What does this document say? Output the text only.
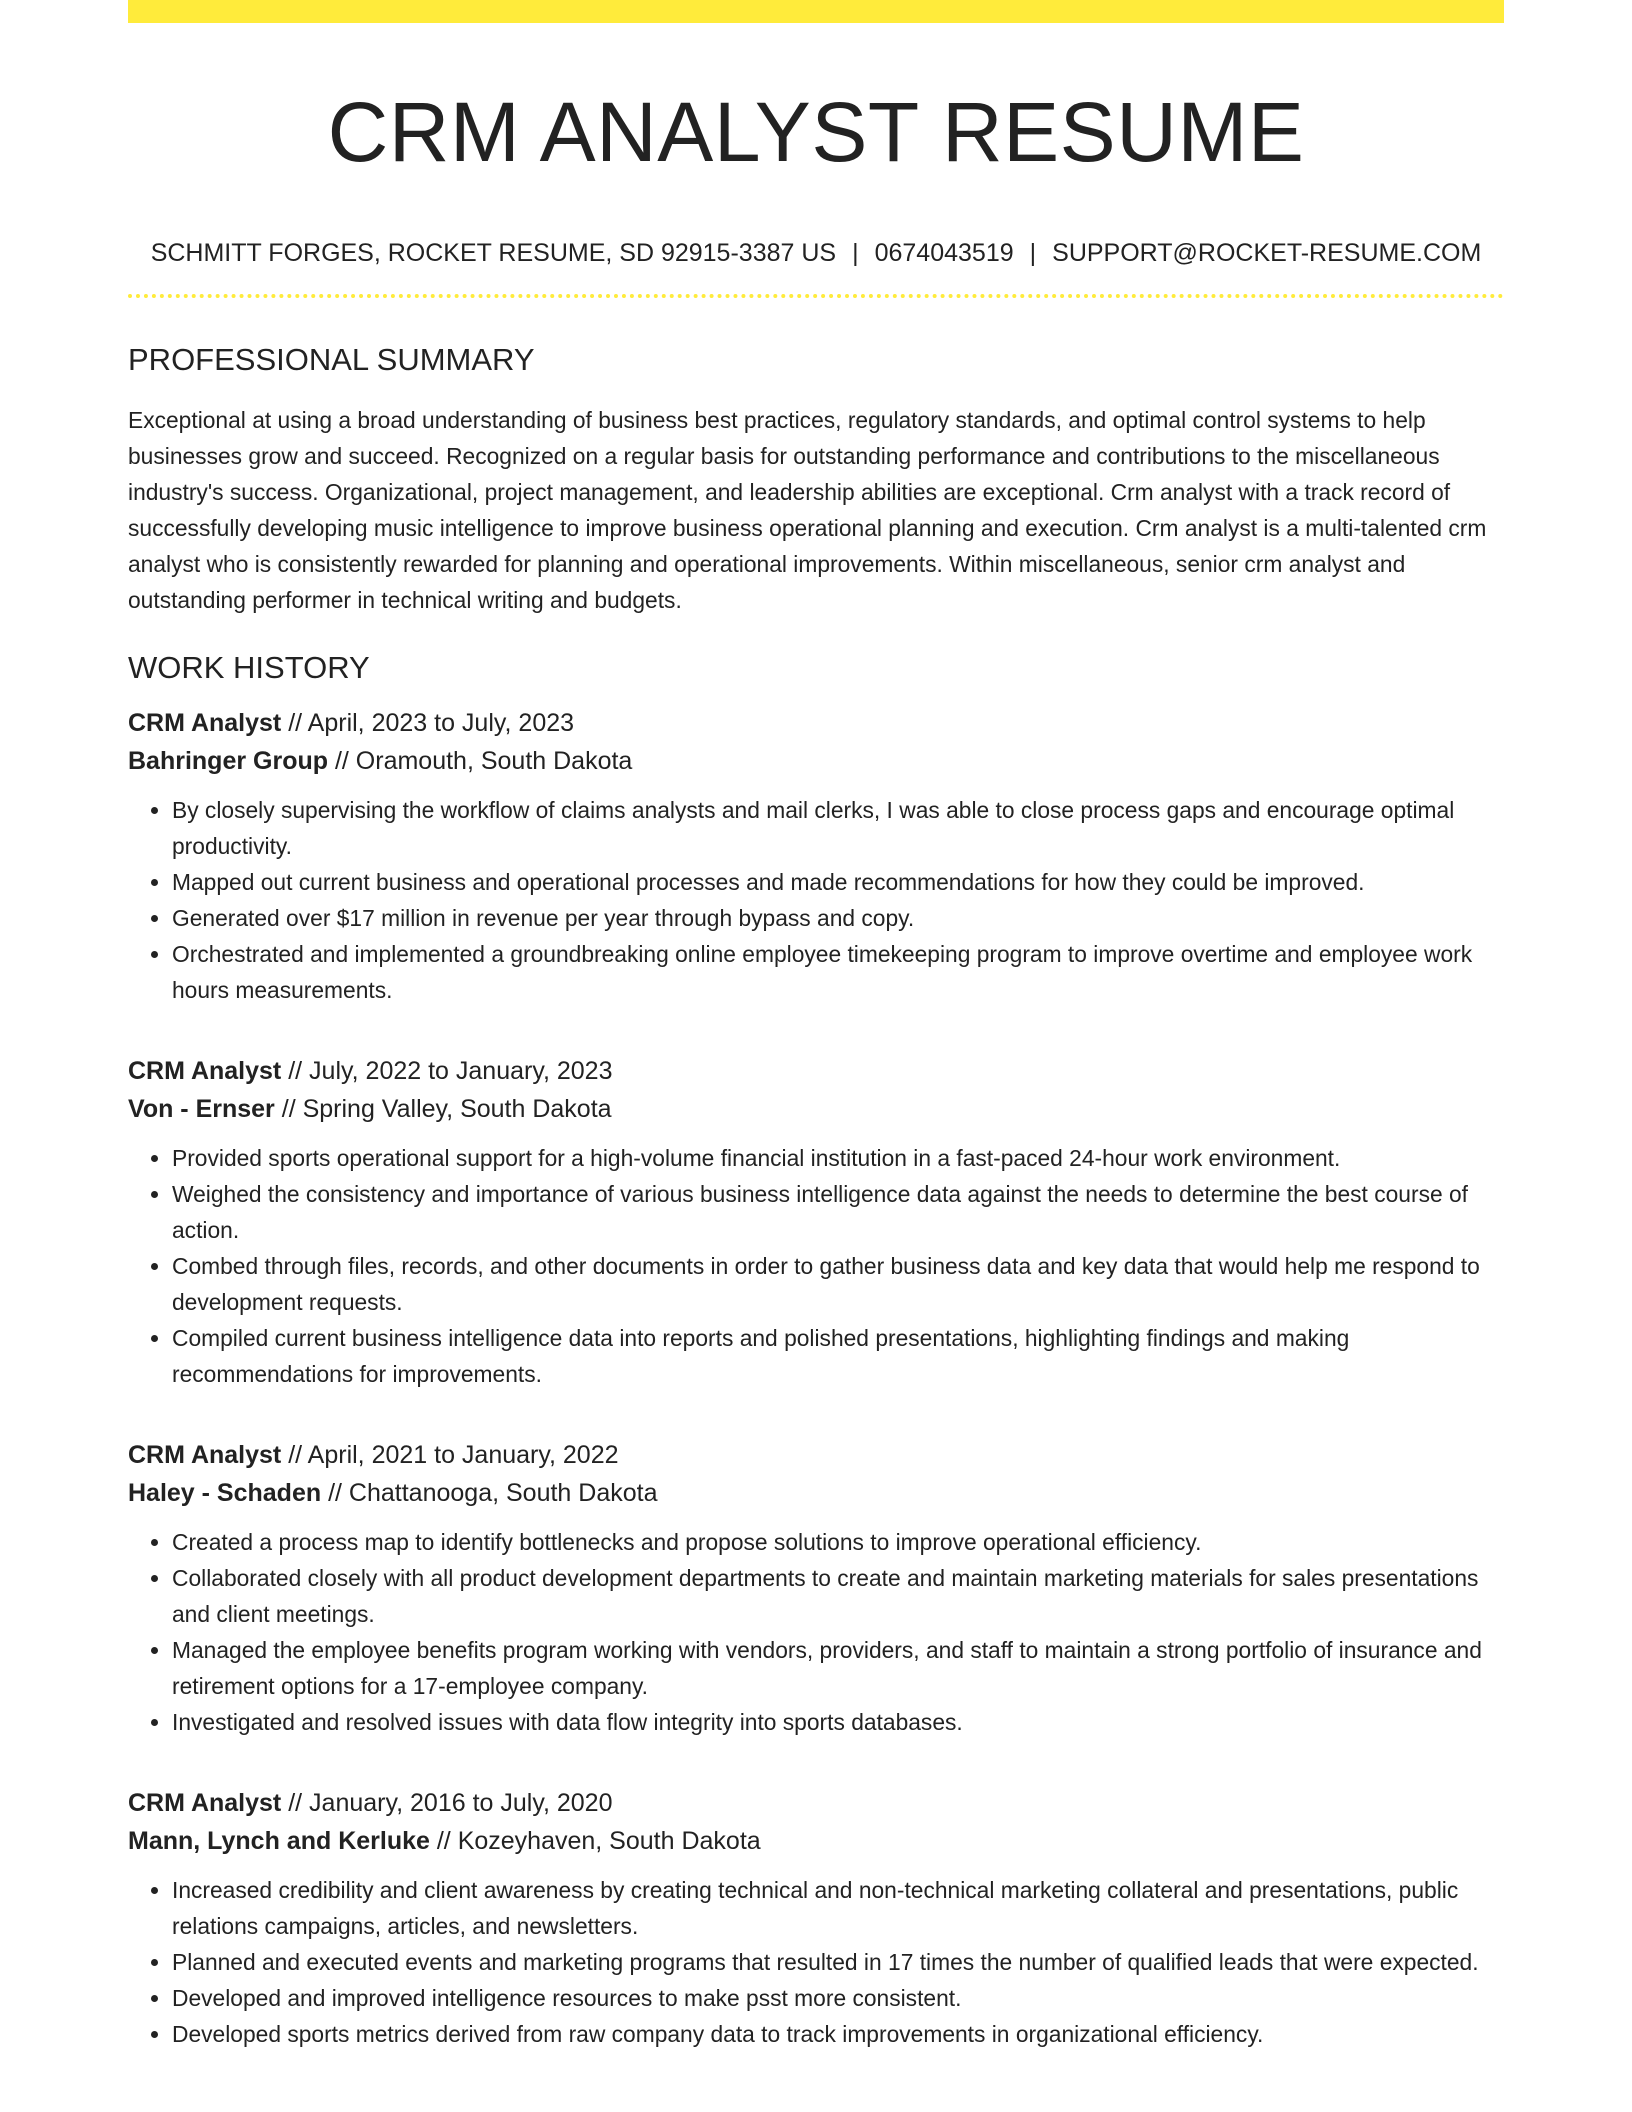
CRM ANALYST RESUME
SCHMITT FORGES, ROCKET RESUME, SD 92915-3387 US | 0674043519 | SUPPORT@ROCKET-RESUME.COM
PROFESSIONAL SUMMARY

Exceptional at using a broad understanding of business best practices, regulatory standards, and optimal control systems to help businesses grow and succeed. Recognized on a regular basis for outstanding performance and contributions to the miscellaneous industry's success. Organizational, project management, and leadership abilities are exceptional. Crm analyst with a track record of successfully developing music intelligence to improve business operational planning and execution. Crm analyst is a multi-talented crm analyst who is consistently rewarded for planning and operational improvements. Within miscellaneous, senior crm analyst and outstanding performer in technical writing and budgets.

WORK HISTORY
CRM Analyst // April, 2023 to July, 2023
Bahringer Group // Oramouth, South Dakota
• By closely supervising the workflow of claims analysts and mail clerks, I was able to close process gaps and encourage optimal productivity.
• Mapped out current business and operational processes and made recommendations for how they could be improved.
• Generated over $17 million in revenue per year through bypass and copy.
• Orchestrated and implemented a groundbreaking online employee timekeeping program to improve overtime and employee work hours measurements.
CRM Analyst // July, 2022 to January, 2023
Von - Ernser // Spring Valley, South Dakota
• Provided sports operational support for a high-volume financial institution in a fast-paced 24-hour work environment.
• Weighed the consistency and importance of various business intelligence data against the needs to determine the best course of action.
• Combed through files, records, and other documents in order to gather business data and key data that would help me respond to development requests.
• Compiled current business intelligence data into reports and polished presentations, highlighting findings and making recommendations for improvements.
CRM Analyst // April, 2021 to January, 2022
Haley - Schaden // Chattanooga, South Dakota
• Created a process map to identify bottlenecks and propose solutions to improve operational efficiency.
• Collaborated closely with all product development departments to create and maintain marketing materials for sales presentations and client meetings.
• Managed the employee benefits program working with vendors, providers, and staff to maintain a strong portfolio of insurance and retirement options for a 17-employee company.
• Investigated and resolved issues with data flow integrity into sports databases.
CRM Analyst // January, 2016 to July, 2020
Mann, Lynch and Kerluke // Kozeyhaven, South Dakota
• Increased credibility and client awareness by creating technical and non-technical marketing collateral and presentations, public relations campaigns, articles, and newsletters.
• Planned and executed events and marketing programs that resulted in 17 times the number of qualified leads that were expected.
• Developed and improved intelligence resources to make psst more consistent.
• Developed sports metrics derived from raw company data to track improvements in organizational efficiency.
